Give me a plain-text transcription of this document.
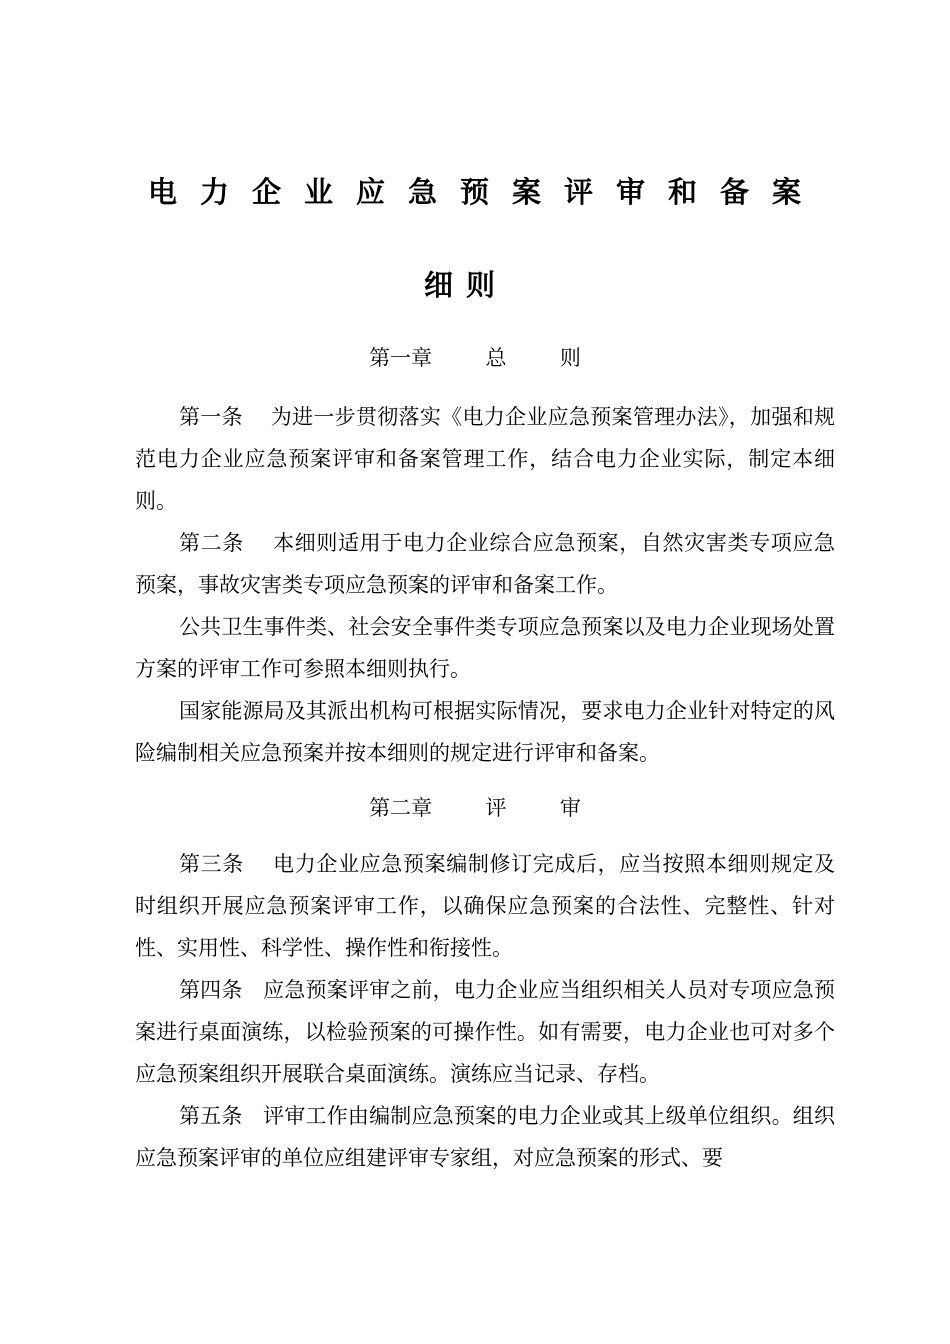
电力企业应急预案评审和备案
细则
第一章        总        则

第一条    为进一步贯彻落实《电力企业应急预案管理办法》，加强和规范电力企业应急预案评审和备案管理工作，结合电力企业实际，制定本细则。

第二条    本细则适用于电力企业综合应急预案，自然灾害类专项应急预案，事故灾害类专项应急预案的评审和备案工作。

公共卫生事件类、社会安全事件类专项应急预案以及电力企业现场处置方案的评审工作可参照本细则执行。

国家能源局及其派出机构可根据实际情况，要求电力企业针对特定的风险编制相关应急预案并按本细则的规定进行评审和备案。

第二章        评        审

第三条    电力企业应急预案编制修订完成后，应当按照本细则规定及时组织开展应急预案评审工作，以确保应急预案的合法性、完整性、针对性、实用性、科学性、操作性和衔接性。

第四条   应急预案评审之前，电力企业应当组织相关人员对专项应急预案进行桌面演练，以检验预案的可操作性。如有需要，电力企业也可对多个应急预案组织开展联合桌面演练。演练应当记录、存档。

第五条   评审工作由编制应急预案的电力企业或其上级单位组织。组织应急预案评审的单位应组建评审专家组，对应急预案的形式、要
